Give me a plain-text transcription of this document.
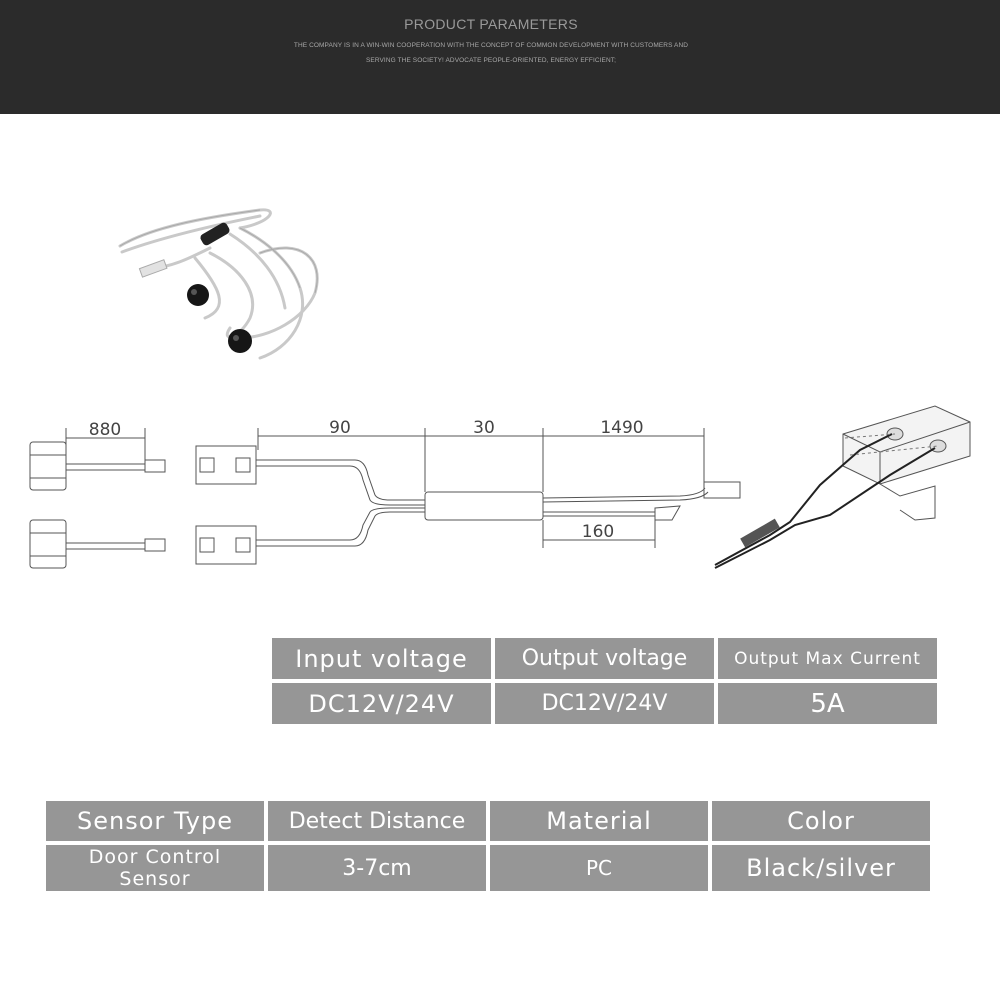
PRODUCT PARAMETERS
THE COMPANY IS IN A WIN-WIN COOPERATION WITH THE CONCEPT OF COMMON DEVELOPMENT WITH CUSTOMERS AND
SERVING THE SOCIETY! ADVOCATE PEOPLE-ORIENTED, ENERGY EFFICIENT;
880	90	30	1490
160
Input voltage	Output voltage	Output Max Current
DC12V/24V	DC12V/24V	5A
Sensor Type	Detect Distance	Material	Color
Door Control Sensor	3-7cm	PC	Black/silver
